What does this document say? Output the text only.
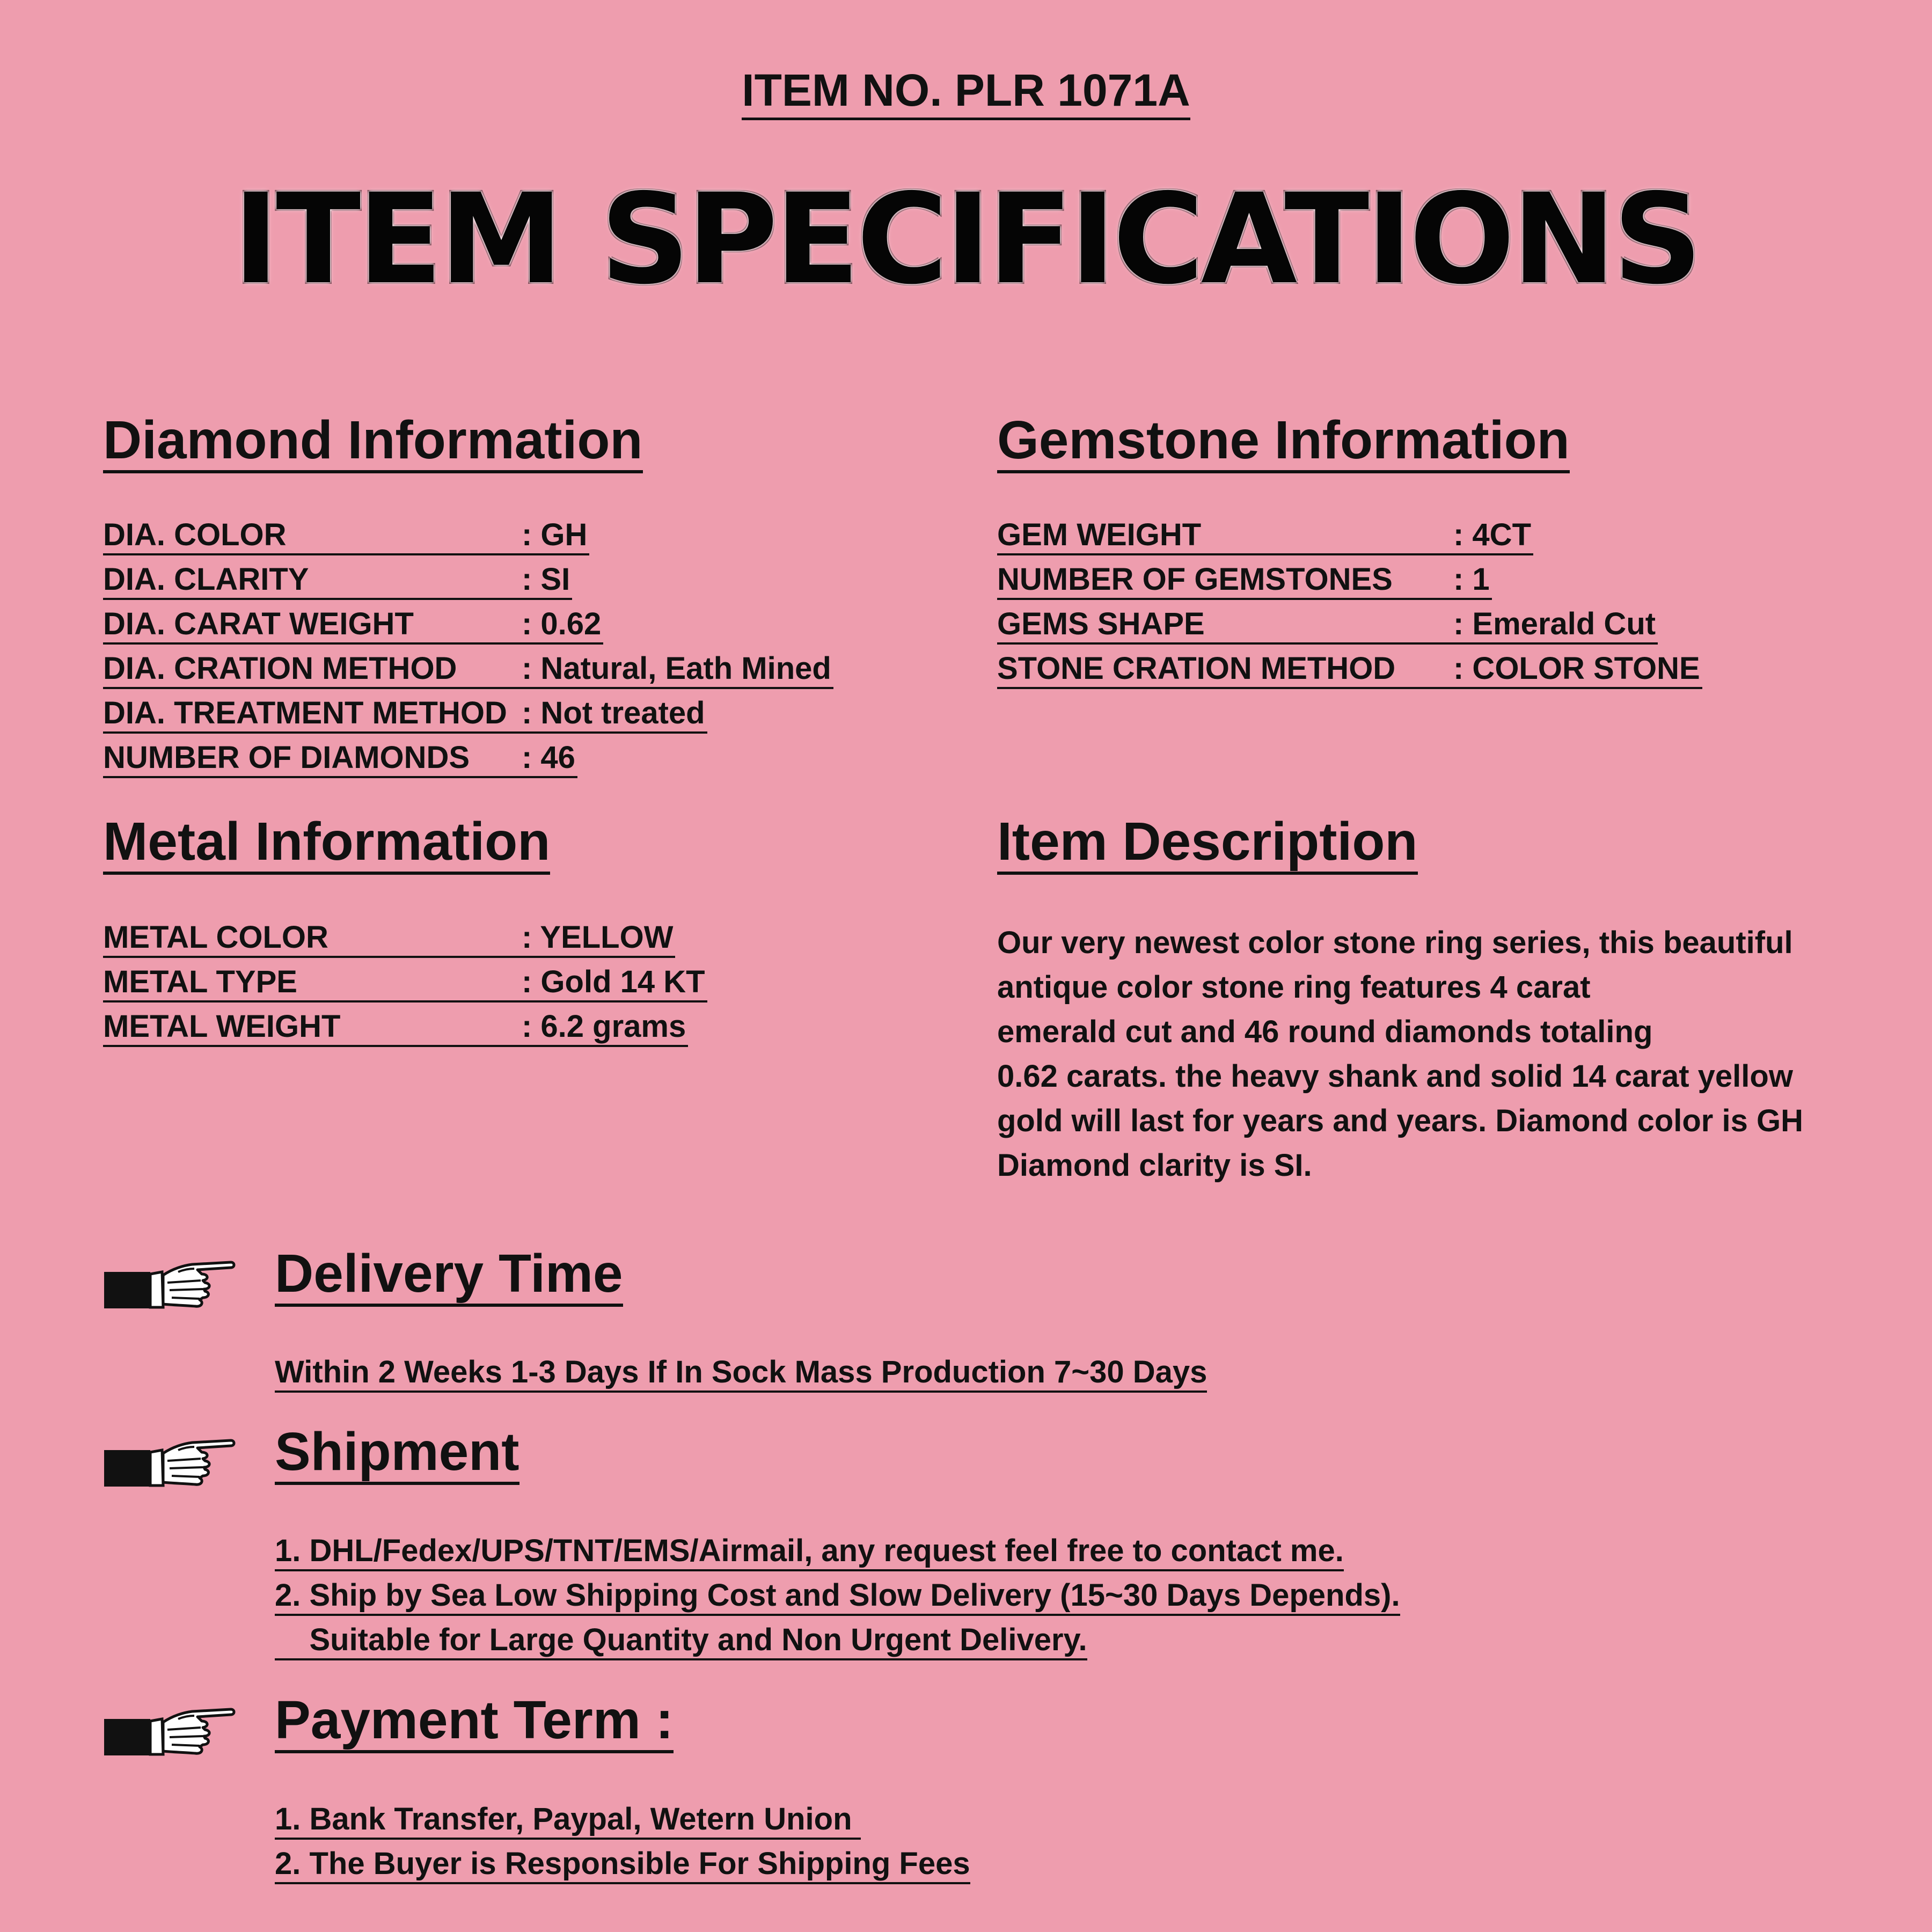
ITEM NO. PLR 1071A
ITEM SPECIFICATIONS
Diamond Information
DIA. COLOR	: GH
DIA. CLARITY	: SI
DIA. CARAT WEIGHT	: 0.62
DIA. CRATION METHOD	: Natural, Eath Mined
DIA. TREATMENT METHOD : Not treated
NUMBER OF DIAMONDS	: 46
Gemstone Information
GEM WEIGHT	: 4CT
NUMBER OF GEMSTONES	: 1
GEMS SHAPE	: Emerald Cut
STONE CRATION METHOD	: COLOR STONE
Metal Information
METAL COLOR	: YELLOW
METAL TYPE	: Gold 14 KT
METAL WEIGHT	: 6.2 grams
Item Description

Our very newest color stone ring series, this beautiful
antique color stone ring features 4 carat
emerald cut and 46 round diamonds totaling
0.62 carats. the heavy shank and solid 14 carat yellow
gold will last for years and years. Diamond color is GH
Diamond clarity is SI.

Delivery Time
Within 2 Weeks 1-3 Days If In Sock Mass Production 7~30 Days
Shipment
1. DHL/Fedex/UPS/TNT/EMS/Airmail, any request feel free to contact me.
2. Ship by Sea Low Shipping Cost and Slow Delivery (15~30 Days Depends).
Suitable for Large Quantity and Non Urgent Delivery.
Payment Term :
1. Bank Transfer, Paypal, Wetern Union
2. The Buyer is Responsible For Shipping Fees
